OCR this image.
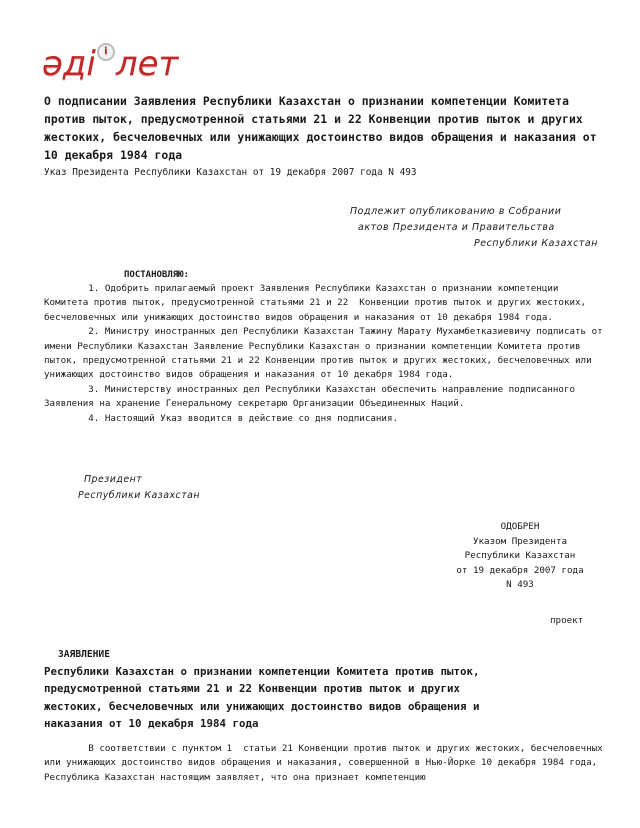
әді i лет
О подписании Заявления Республики Казахстан о признании компетенции Комитета против пыток, предусмотренной статьями 21 и 22 Конвенции против пыток и других жестоких, бесчеловечных или унижающих достоинство видов обращения и наказания от 10 декабря 1984 года
Указ Президента Республики Казахстан от 19 декабря 2007 года N 493
Подлежит опубликованию в Собрании
актов Президента и Правительства
Республики Казахстан
ПОСТАНОВЛЯЮ:

1. Одобрить прилагаемый проект Заявления Республики Казахстан о признании компетенции Комитета против пыток, предусмотренной статьями 21 и 22  Конвенции против пыток и других жестоких, бесчеловечных или унижающих достоинство видов обращения и наказания от 10 декабря 1984 года.

2. Министру иностранных дел Республики Казахстан Тажину Марату Мухамбетказиевичу подписать от имени Республики Казахстан Заявление Республики Казахстан о признании компетенции Комитета против пыток, предусмотренной статьями 21 и 22 Конвенции против пыток и других жестоких, бесчеловечных или унижающих достоинство видов обращения и наказания от 10 декабря 1984 года.

3. Министерству иностранных дел Республики Казахстан обеспечить направление подписанного Заявления на хранение Генеральному секретарю Организации Объединенных Наций.

4. Настоящий Указ вводится в действие со дня подписания.

Президент
Республики Казахстан
ОДОБРЕН
Указом Президента
Республики Казахстан
от 19 декабря 2007 года
N 493
проект
ЗАЯВЛЕНИЕ
Республики Казахстан о признании компетенции Комитета против пыток, предусмотренной статьями 21 и 22 Конвенции против пыток и других жестоких, бесчеловечных или унижающих достоинство видов обращения и наказания от 10 декабря 1984 года

В соответствии с пунктом 1  статьи 21 Конвенции против пыток и других жестоких, бесчеловечных или унижающих достоинство видов обращения и наказания, совершенной в Нью-Йорке 10 декабря 1984 года, Республика Казахстан настоящим заявляет, что она признает компетенцию
